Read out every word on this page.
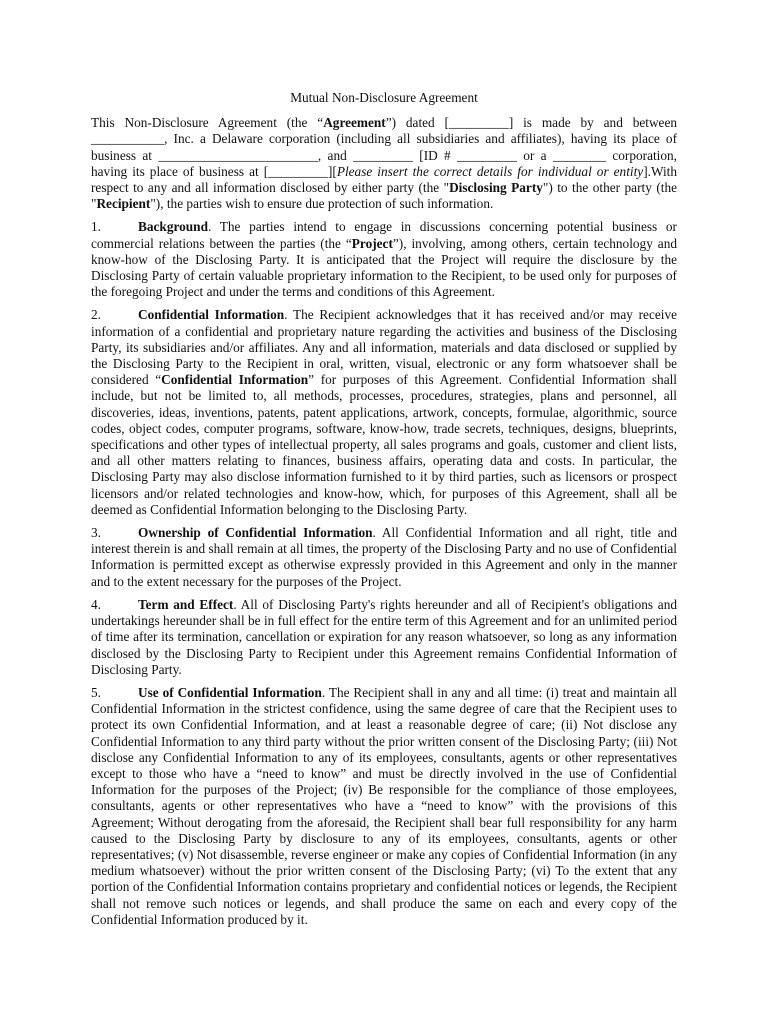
Mutual Non-Disclosure Agreement

This Non-Disclosure Agreement (the “Agreement”) dated [_________] is made by and between ___________, Inc. a Delaware corporation (including all subsidiaries and affiliates), having its place of business at ________________________, and _________ [ID # _________ or a ________ corporation, having its place of business at [_________][Please insert the correct details for individual or entity].With respect to any and all information disclosed by either party (the "Disclosing Party") to the other party (the "Recipient"), the parties wish to ensure due protection of such information.

1.	Background. The parties intend to engage in discussions concerning potential business or commercial relations between the parties (the “Project”), involving, among others, certain technology and know-how of the Disclosing Party. It is anticipated that the Project will require the disclosure by the Disclosing Party of certain valuable proprietary information to the Recipient, to be used only for purposes of the foregoing Project and under the terms and conditions of this Agreement.

2.	Confidential Information. The Recipient acknowledges that it has received and/or may receive information of a confidential and proprietary nature regarding the activities and business of the Disclosing Party, its subsidiaries and/or affiliates. Any and all information, materials and data disclosed or supplied by the Disclosing Party to the Recipient in oral, written, visual, electronic or any form whatsoever shall be considered “Confidential Information” for purposes of this Agreement. Confidential Information shall include, but not be limited to, all methods, processes, procedures, strategies, plans and personnel, all discoveries, ideas, inventions, patents, patent applications, artwork, concepts, formulae, algorithmic, source codes, object codes, computer programs, software, know-how, trade secrets, techniques, designs, blueprints, specifications and other types of intellectual property, all sales programs and goals, customer and client lists, and all other matters relating to finances, business affairs, operating data and costs. In particular, the Disclosing Party may also disclose information furnished to it by third parties, such as licensors or prospect licensors and/or related technologies and know-how, which, for purposes of this Agreement, shall all be deemed as Confidential Information belonging to the Disclosing Party.

3.	Ownership of Confidential Information. All Confidential Information and all right, title and interest therein is and shall remain at all times, the property of the Disclosing Party and no use of Confidential Information is permitted except as otherwise expressly provided in this Agreement and only in the manner and to the extent necessary for the purposes of the Project.

4.	Term and Effect. All of Disclosing Party's rights hereunder and all of Recipient's obligations and undertakings hereunder shall be in full effect for the entire term of this Agreement and for an unlimited period of time after its termination, cancellation or expiration for any reason whatsoever, so long as any information disclosed by the Disclosing Party to Recipient under this Agreement remains Confidential Information of Disclosing Party.

5.	Use of Confidential Information. The Recipient shall in any and all time: (i) treat and maintain all Confidential Information in the strictest confidence, using the same degree of care that the Recipient uses to protect its own Confidential Information, and at least a reasonable degree of care; (ii) Not disclose any Confidential Information to any third party without the prior written consent of the Disclosing Party; (iii) Not disclose any Confidential Information to any of its employees, consultants, agents or other representatives except to those who have a “need to know” and must be directly involved in the use of Confidential Information for the purposes of the Project; (iv) Be responsible for the compliance of those employees, consultants, agents or other representatives who have a “need to know” with the provisions of this Agreement; Without derogating from the aforesaid, the Recipient shall bear full responsibility for any harm caused to the Disclosing Party by disclosure to any of its employees, consultants, agents or other representatives; (v) Not disassemble, reverse engineer or make any copies of Confidential Information (in any medium whatsoever) without the prior written consent of the Disclosing Party; (vi) To the extent that any portion of the Confidential Information contains proprietary and confidential notices or legends, the Recipient shall not remove such notices or legends, and shall produce the same on each and every copy of the Confidential Information produced by it.
